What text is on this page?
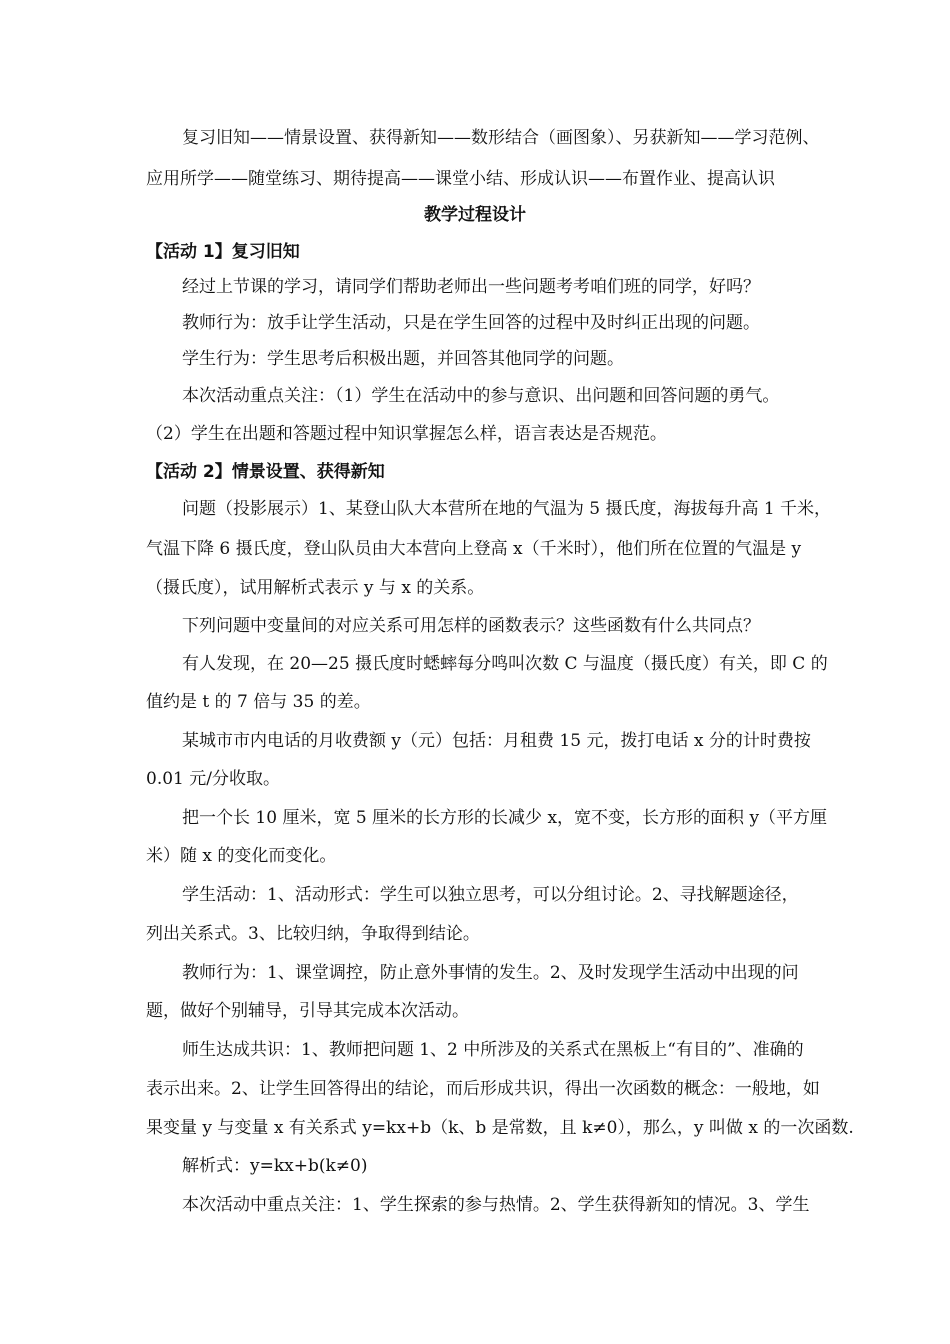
复习旧知——情景设置、获得新知——数形结合（画图象）、另获新知——学习范例、
应用所学——随堂练习、期待提高——课堂小结、形成认识——布置作业、提高认识
教学过程设计
【活动 1】复习旧知
经过上节课的学习，请同学们帮助老师出一些问题考考咱们班的同学，好吗？
教师行为：放手让学生活动，只是在学生回答的过程中及时纠正出现的问题。
学生行为：学生思考后积极出题，并回答其他同学的问题。
本次活动重点关注：（1）学生在活动中的参与意识、出问题和回答问题的勇气。
（2）学生在出题和答题过程中知识掌握怎么样，语言表达是否规范。
【活动 2】情景设置、获得新知
问题（投影展示）1、某登山队大本营所在地的气温为 5 摄氏度，海拔每升高 1 千米，
气温下降 6 摄氏度，登山队员由大本营向上登高 x（千米时），他们所在位置的气温是 y
（摄氏度），试用解析式表示 y 与 x 的关系。
下列问题中变量间的对应关系可用怎样的函数表示？这些函数有什么共同点？
有人发现，在 20—25 摄氏度时蟋蟀每分鸣叫次数 C 与温度（摄氏度）有关，即 C 的
值约是 t 的 7 倍与 35 的差。
某城市市内电话的月收费额 y（元）包括：月租费 15 元，拨打电话 x 分的计时费按
0.01 元/分收取。
把一个长 10 厘米，宽 5 厘米的长方形的长减少 x，宽不变，长方形的面积 y（平方厘
米）随 x 的变化而变化。
学生活动：1、活动形式：学生可以独立思考，可以分组讨论。2、寻找解题途径，
列出关系式。3、比较归纳，争取得到结论。
教师行为：1、课堂调控，防止意外事情的发生。2、及时发现学生活动中出现的问
题，做好个别辅导，引导其完成本次活动。
师生达成共识：1、教师把问题 1、2 中所涉及的关系式在黑板上“有目的”、准确的
表示出来。2、让学生回答得出的结论，而后形成共识，得出一次函数的概念：一般地，如
果变量 y 与变量 x 有关系式 y=kx+b（k、b 是常数，且 k≠0），那么，y 叫做 x 的一次函数.
解析式：y=kx+b(k≠0)
本次活动中重点关注：1、学生探索的参与热情。2、学生获得新知的情况。3、学生
